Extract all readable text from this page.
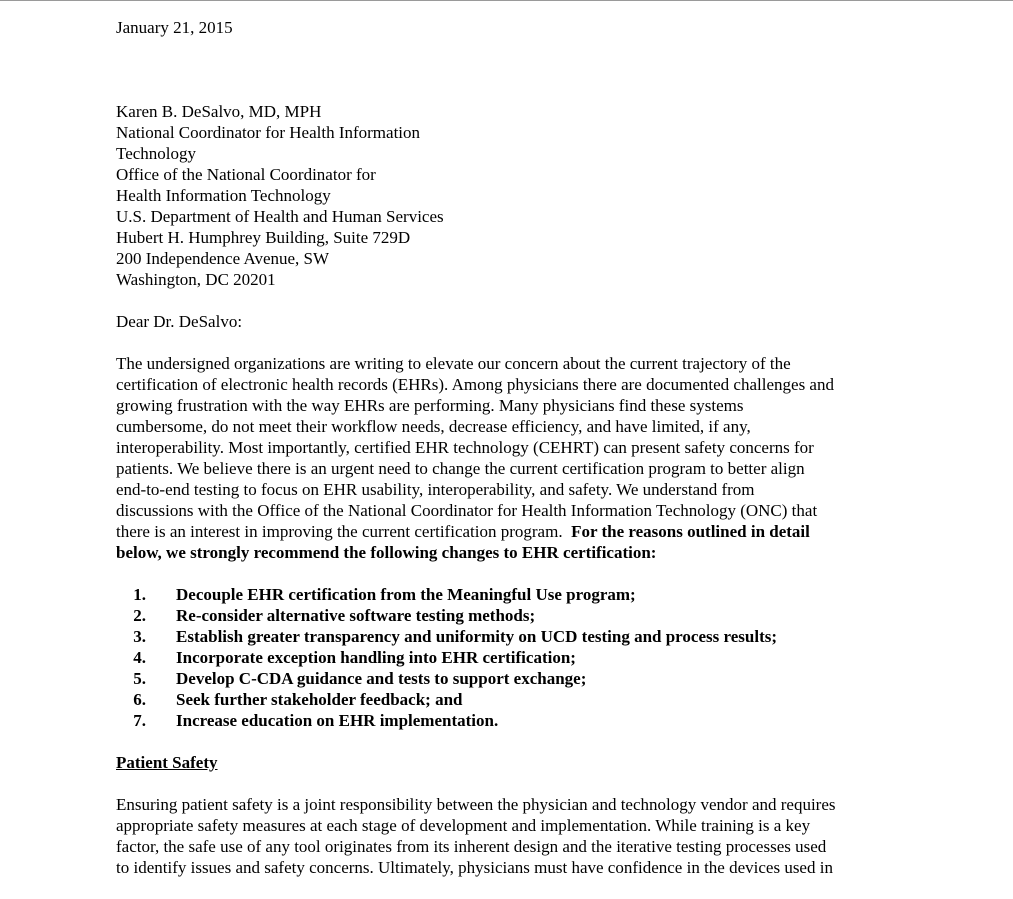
January 21, 2015
Karen B. DeSalvo, MD, MPH
National Coordinator for Health Information
Technology
Office of the National Coordinator for
Health Information Technology
U.S. Department of Health and Human Services
Hubert H. Humphrey Building, Suite 729D
200 Independence Avenue, SW
Washington, DC 20201
Dear Dr. DeSalvo:
The undersigned organizations are writing to elevate our concern about the current trajectory of the
certification of electronic health records (EHRs). Among physicians there are documented challenges and
growing frustration with the way EHRs are performing. Many physicians find these systems
cumbersome, do not meet their workflow needs, decrease efficiency, and have limited, if any,
interoperability. Most importantly, certified EHR technology (CEHRT) can present safety concerns for
patients. We believe there is an urgent need to change the current certification program to better align
end-to-end testing to focus on EHR usability, interoperability, and safety. We understand from
discussions with the Office of the National Coordinator for Health Information Technology (ONC) that
there is an interest in improving the current certification program.  For the reasons outlined in detail
below, we strongly recommend the following changes to EHR certification:
1.	Decouple EHR certification from the Meaningful Use program;
2.	Re-consider alternative software testing methods;
3.	Establish greater transparency and uniformity on UCD testing and process results;
4.	Incorporate exception handling into EHR certification;
5.	Develop C-CDA guidance and tests to support exchange;
6.	Seek further stakeholder feedback; and
7.	Increase education on EHR implementation.
Patient Safety
Ensuring patient safety is a joint responsibility between the physician and technology vendor and requires
appropriate safety measures at each stage of development and implementation. While training is a key
factor, the safe use of any tool originates from its inherent design and the iterative testing processes used
to identify issues and safety concerns. Ultimately, physicians must have confidence in the devices used in
